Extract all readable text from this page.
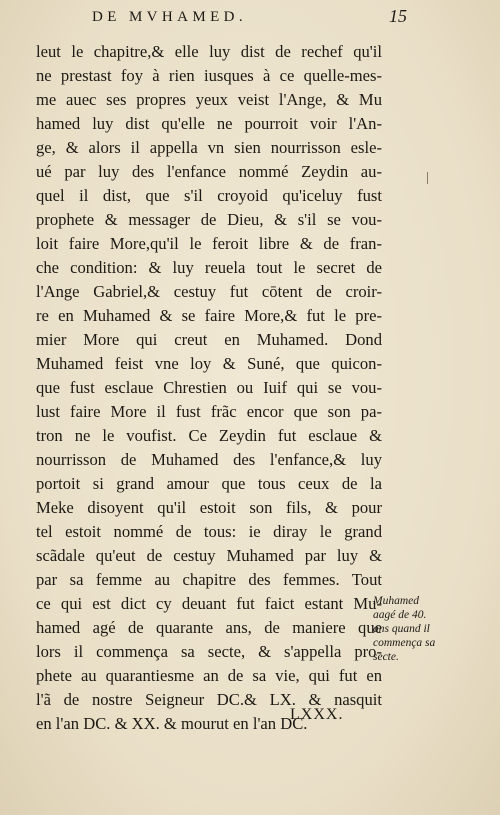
DE MVHAMED.	15
leut le chapitre,& elle luy dist de rechef qu'il
ne prestast foy à rien iusques à ce quelle-mes-
me auec ses propres yeux veist l'Ange, & Mu
hamed luy dist qu'elle ne pourroit voir l'An-
ge, & alors il appella vn sien nourrisson esle-
ué par luy des l'enfance nommé Zeydin au-
quel il dist, que s'il croyoid qu'iceluy fust
prophete & messager de Dieu, & s'il se vou-
loit faire More,qu'il le feroit libre & de fran-
che condition: & luy reuela tout le secret de
l'Ange Gabriel,& cestuy fut cōtent de croir-
re en Muhamed & se faire More,& fut le pre-
mier More qui creut en Muhamed. Dond
Muhamed feist vne loy & Suné, que quicon-
que fust esclaue Chrestien ou Iuif qui se vou-
lust faire More il fust frãc encor que son pa-
tron ne le voufist. Ce Zeydin fut esclaue &
nourrisson de Muhamed des l'enfance,& luy
portoit si grand amour que tous ceux de la
Meke disoyent qu'il estoit son fils, & pour
tel estoit nommé de tous: ie diray le grand
scãdale qu'eut de cestuy Muhamed par luy &
par sa femme au chapitre des femmes. Tout
ce qui est dict cy deuant fut faict estant Mu-
hamed agé de quarante ans, de maniere que
lors il commença sa secte, & s'appella pro-
phete au quarantiesme an de sa vie, qui fut en
l'ã de nostre Seigneur DC.& LX. & nasquit
en l'an DC. & XX. & mourut en l'an DC.
Muhamed
aagé de 40.
ans quand il
commença sa
secte.
LXXX.
